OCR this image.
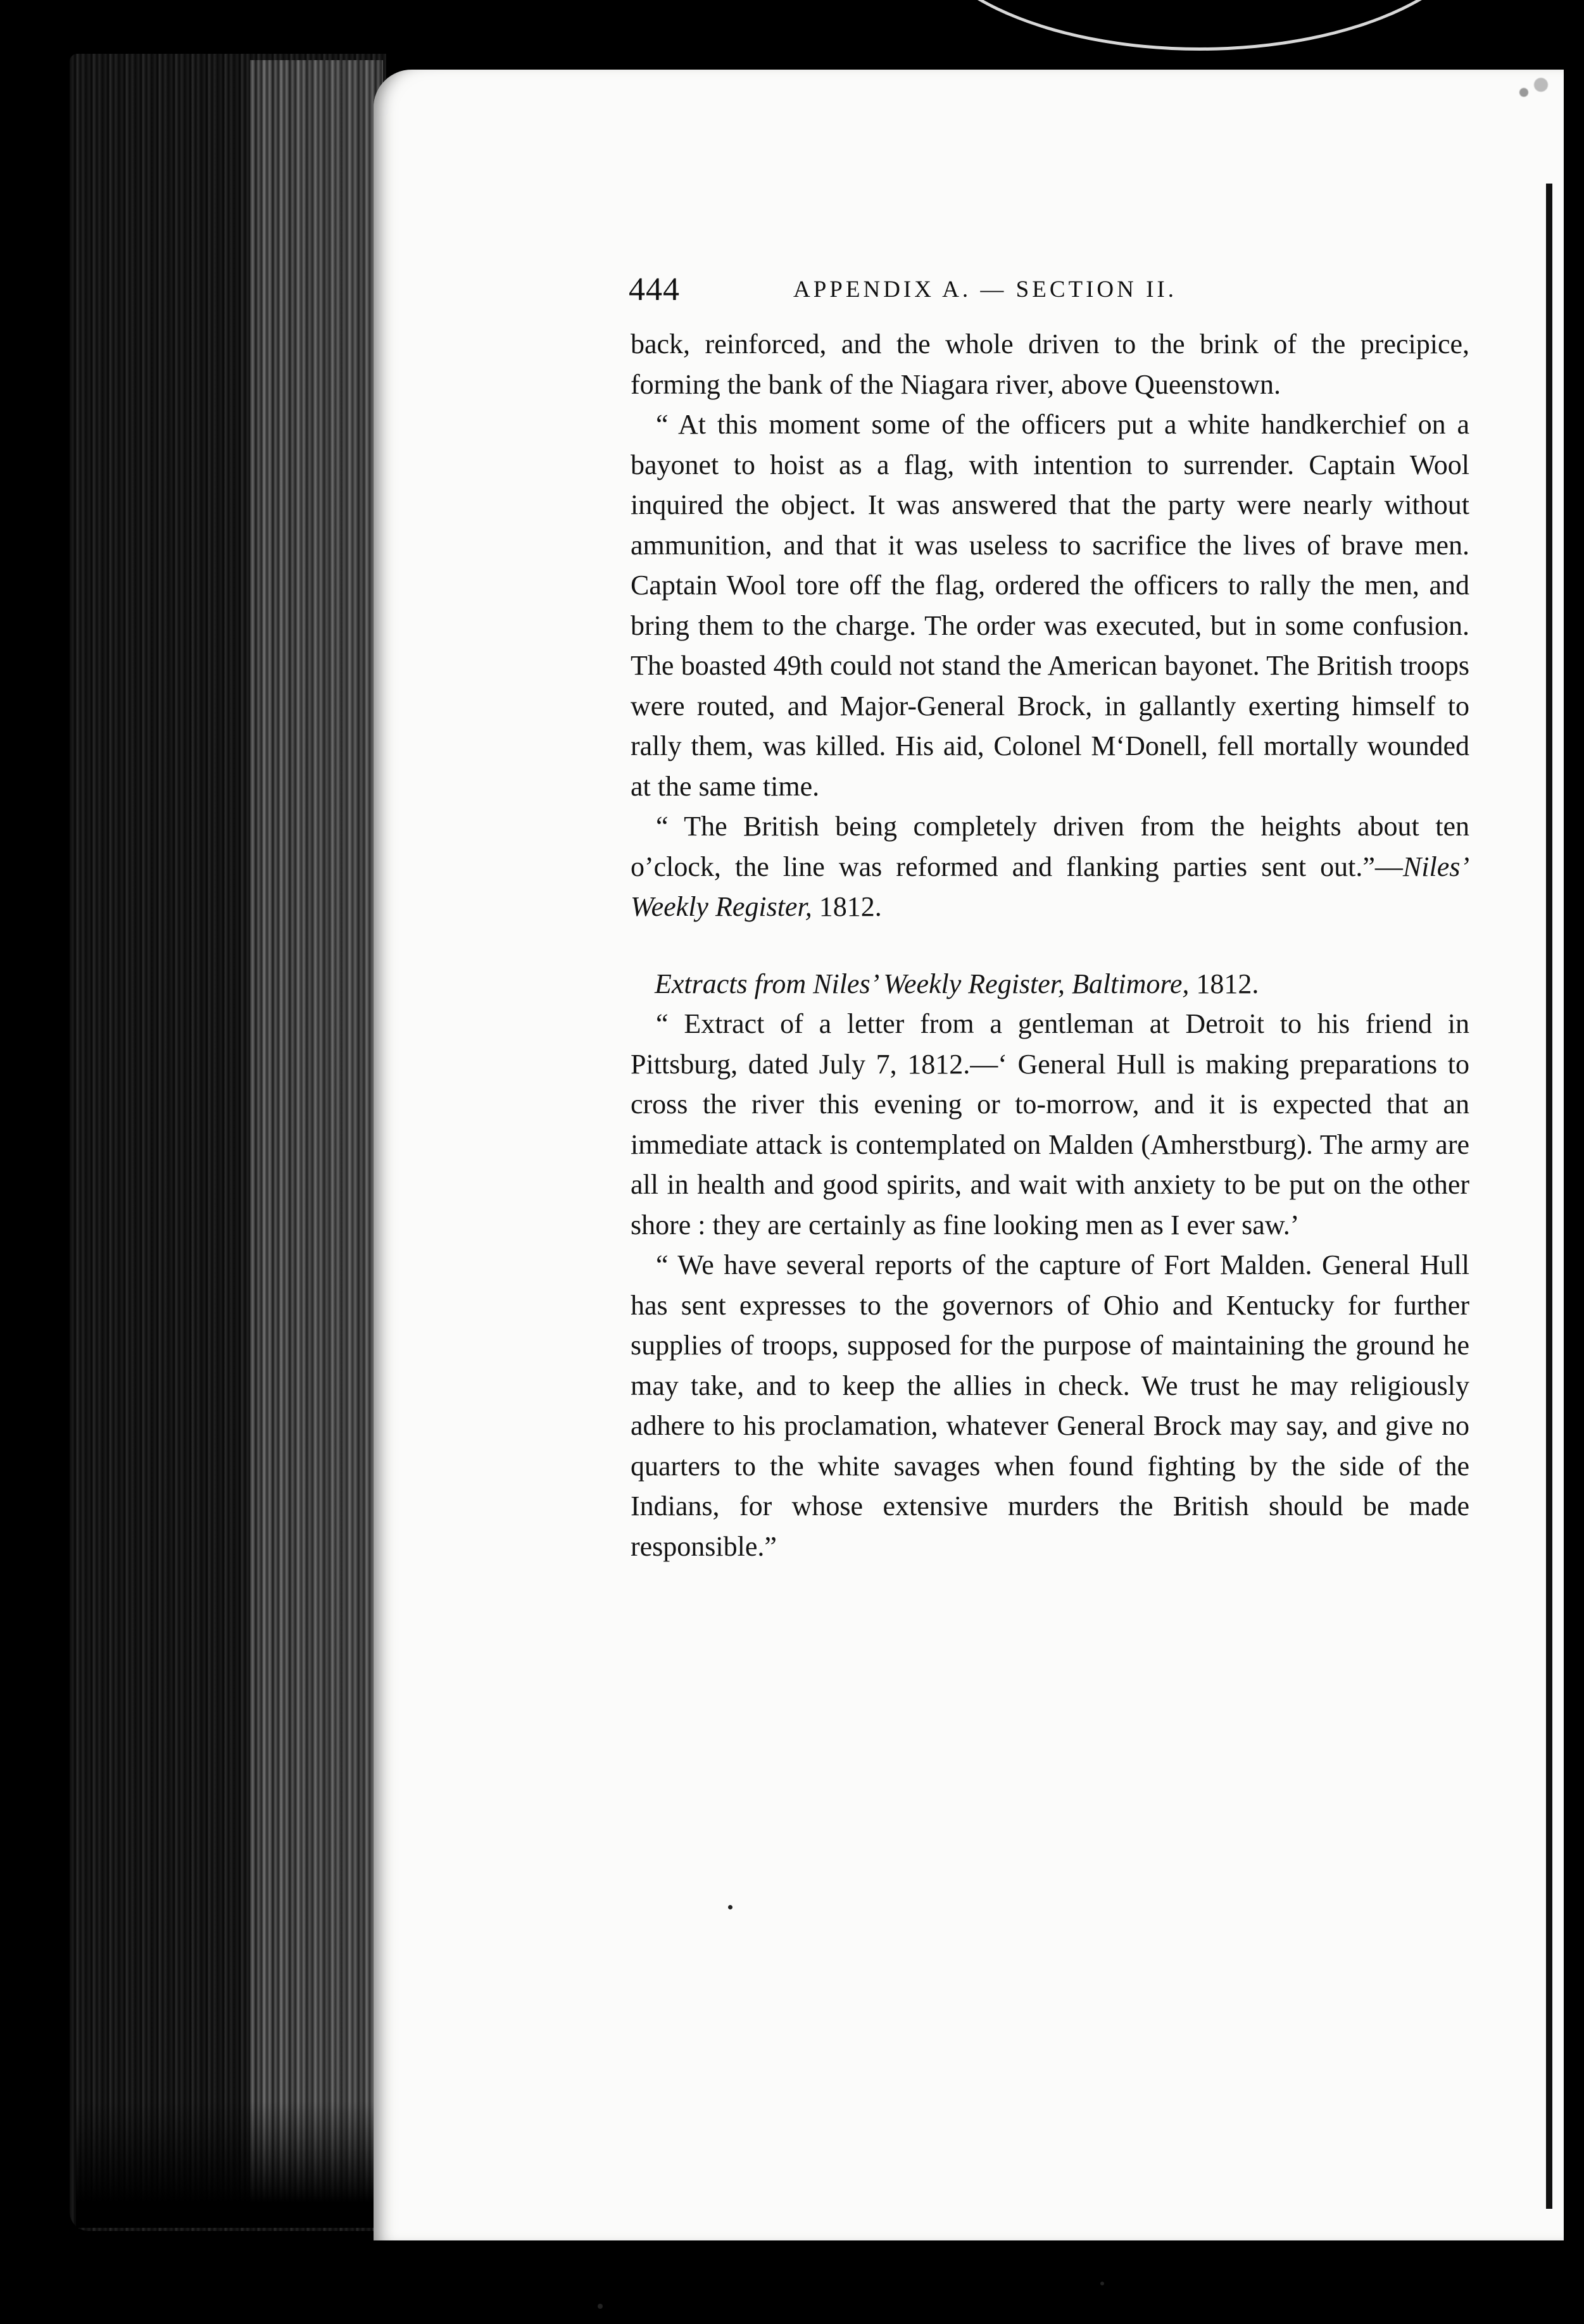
444	APPENDIX A. — SECTION II.

back, reinforced, and the whole driven to the brink of the precipice, forming the bank of the Niagara river, above Queenstown.

“ At this moment some of the officers put a white handkerchief on a bayonet to hoist as a flag, with intention to surrender. Captain Wool inquired the object. It was answered that the party were nearly without ammunition, and that it was useless to sacrifice the lives of brave men. Captain Wool tore off the flag, ordered the officers to rally the men, and bring them to the charge. The order was executed, but in some confusion. The boasted 49th could not stand the American bayonet. The British troops were routed, and Major-General Brock, in gallantly exerting himself to rally them, was killed. His aid, Colonel M‘Donell, fell mortally wounded at the same time.

“ The British being completely driven from the heights about ten o’clock, the line was reformed and flanking parties sent out.”—Niles’ Weekly Register, 1812.

Extracts from Niles’ Weekly Register, Baltimore, 1812.

“ Extract of a letter from a gentleman at Detroit to his friend in Pittsburg, dated July 7, 1812.—‘ General Hull is making preparations to cross the river this evening or to-morrow, and it is expected that an immediate attack is contemplated on Malden (Amherstburg). The army are all in health and good spirits, and wait with anxiety to be put on the other shore : they are certainly as fine looking men as I ever saw.’

“ We have several reports of the capture of Fort Malden. General Hull has sent expresses to the governors of Ohio and Kentucky for further supplies of troops, supposed for the purpose of maintaining the ground he may take, and to keep the allies in check. We trust he may religiously adhere to his proclamation, whatever General Brock may say, and give no quarters to the white savages when found fighting by the side of the Indians, for whose extensive murders the British should be made responsible.”
